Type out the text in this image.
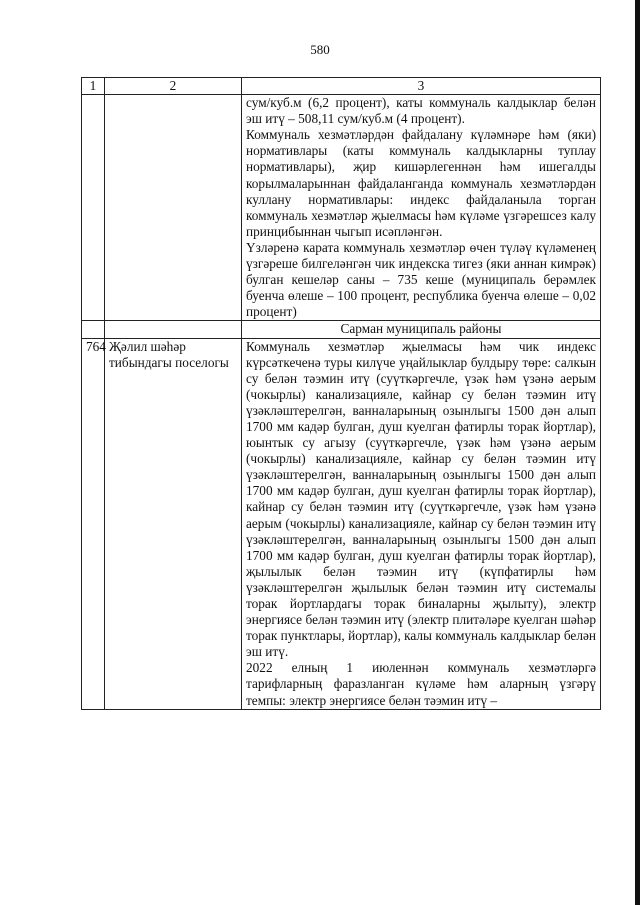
580
1	2	3

		сум/куб.м (6,2 процент), каты коммуналь калдыклар белән эш итү – 508,11 сум/куб.м (4 процент).

Коммуналь хезмәтләрдән файдалану күләмнәре һәм (яки) нормативлары (каты коммуналь калдыкларны туплау нормативлары), җир кишәрлегеннән һәм ишегалды корылмаларыннан файдаланганда коммуналь хезмәтләрдән куллану нормативлары: индекс файдаланыла торган коммуналь хезмәтләр җыелмасы һәм күләме үзгәрешсез калу принцибыннан чыгып исәпләнгән.

Үзләренә карата коммуналь хезмәтләр өчен түләү күләменең үзгәреше билгеләнгән чик индекска тигез (яки аннан кимрәк) булган кешеләр саны – 735 кеше (муниципаль берәмлек буенча өлеше – 100 процент, республика буенча өлеше – 0,02 процент)

		Сарман муниципаль районы
764	Җәлил шәһәр тибындагы поселогы	Коммуналь хезмәтләр җыелмасы һәм чик индекс күрсәткеченә туры килүче уңайлыклар булдыру төре: салкын су белән тәэмин итү (суүткәргечле, үзәк һәм үзәнә аерым (чокырлы) канализацияле, кайнар су белән тәэмин итү үзәкләштерелгән, ванналарының озынлыгы 1500 дән алып 1700 мм кадәр булган, душ куелган фатирлы торак йортлар), юынтык су агызу (суүткәргечле, үзәк һәм үзәнә аерым (чокырлы) канализацияле, кайнар су белән тәэмин итү үзәкләштерелгән, ванналарының озынлыгы 1500 дән алып 1700 мм кадәр булган, душ куелган фатирлы торак йортлар), кайнар су белән тәэмин итү (суүткәргечле, үзәк һәм үзәнә аерым (чокырлы) канализацияле, кайнар су белән тәэмин итү үзәкләштерелгән, ванналарының озынлыгы 1500 дән алып 1700 мм кадәр булган, душ куелган фатирлы торак йортлар), җылылык белән тәэмин итү (күпфатирлы һәм үзәкләштерелгән җылылык белән тәэмин итү системалы торак йортлардагы торак биналарны җылыту), электр энергиясе белән тәэмин итү (электр плитәләре куелган шәһәр торак пунктлары, йортлар), калы коммуналь калдыклар белән эш итү.

2022 елның 1 июленнән коммуналь хезмәтләргә тарифларның фаразланган күләме һәм аларның үзгәрү темпы: электр энергиясе белән тәэмин итү –
